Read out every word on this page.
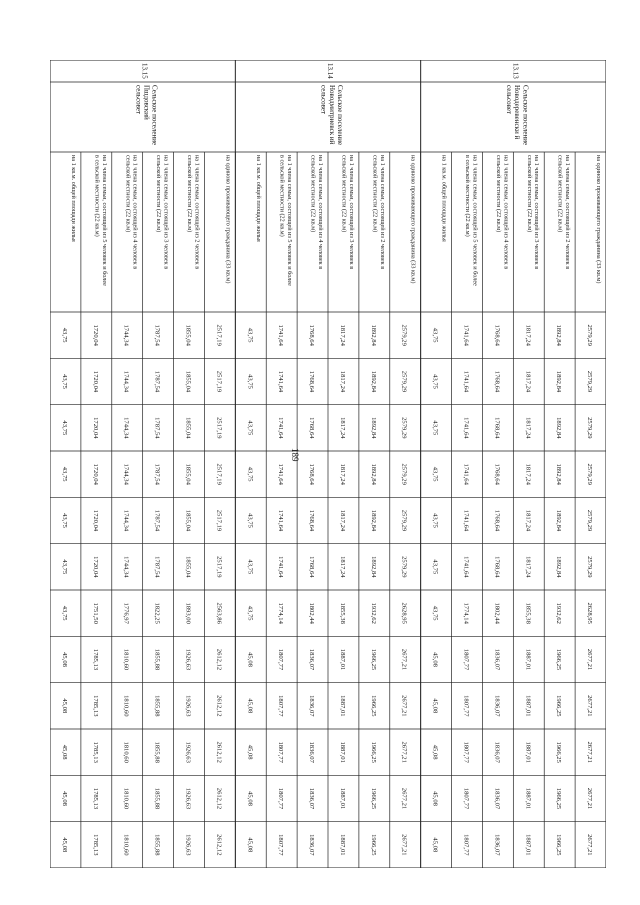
189
13.13
Сельское поселение
Новодеревенски й
сельсовет
на одиноко проживающего гражданина (33 кв.м)
2579,29
2579,29
2579,29
2579,29
2579,29
2579,29
2628,95
2677,21
2677,21
2677,21
2677,21
2677,21
на 1 члена семьи, состоящей из 2 человек в
сельской местности (22 кв.м)
1892,84
1892,84
1892,84
1892,84
1892,84
1892,84
1932,62
1966,25
1966,25
1966,25
1966,25
1966,25
на 1 члена семьи, состоящей из 3 человек в
сельской местности (22 кв.м)
1817,24
1817,24
1817,24
1817,24
1817,24
1817,24
1855,38
1887,01
1887,01
1887,01
1887,01
1887,01
на 1 члена семьи, состоящей из 4 человек в
сельской местности (22 кв.м)
1768,64
1768,64
1768,64
1768,64
1768,64
1768,64
1802,44
1836,07
1836,07
1836,07
1836,07
1836,07
на 1 члена семьи, состоящей из 5 человек и более
в сельской местности (22 кв.м)
1741,64
1741,64
1741,64
1741,64
1741,64
1741,64
1774,14
1807,77
1807,77
1807,77
1807,77
1807,77
на 1 кв.м. общей площади жилья
43,75
43,75
43,75
43,75
43,75
43,75
43,75
45,08
45,08
45,08
45,08
45,08
13.14
Сельское поселение
Новодмитриевск ий
сельсовет
на одиноко проживающего гражданина (33 кв.м)
2579,29
2579,29
2579,29
2579,29
2579,29
2579,29
2628,95
2677,21
2677,21
2677,21
2677,21
2677,21
на 1 члена семьи, состоящей из 2 человек в
сельской местности (22 кв.м)
1892,84
1892,84
1892,84
1892,84
1892,84
1892,84
1932,62
1966,25
1966,25
1966,25
1966,25
1966,25
на 1 члена семьи, состоящей из 3 человек в
сельской местности (22 кв.м)
1817,24
1817,24
1817,24
1817,24
1817,24
1817,24
1855,38
1887,01
1887,01
1887,01
1887,01
1887,01
на 1 члена семьи, состоящей из 4 человек в
сельской местности (22 кв.м)
1768,64
1768,64
1768,64
1768,64
1768,64
1768,64
1802,44
1836,07
1836,07
1836,07
1836,07
1836,07
на 1 члена семьи, состоящей из 5 человек и более
в сельской местности (22 кв.м)
1741,64
1741,64
1741,64
1741,64
1741,64
1741,64
1774,14
1807,77
1807,77
1807,77
1807,77
1807,77
на 1 кв.м. общей площади жилья
43,75
43,75
43,75
43,75
43,75
43,75
43,75
45,08
45,08
45,08
45,08
45,08
13.15
Сельское поселение
Пшдовский
сельсовет
на одиноко проживающего гражданина (33 кв.м)
2517,19
2517,19
2517,19
2517,19
2517,19
2517,19
2563,86
2612,12
2612,12
2612,12
2612,12
2612,12
на 1 члена семьи, состоящей из 2 человек в
сельской местности (22 кв.м)
1855,04
1855,04
1855,04
1855,04
1855,04
1855,04
1893,00
1926,63
1926,63
1926,63
1926,63
1926,63
на 1 члена семьи, состоящей из 3 человек в
сельской местности (22 кв.м)
1787,54
1787,54
1787,54
1787,54
1787,54
1787,54
1822,25
1855,88
1855,88
1855,88
1855,88
1855,88
на 1 члена семьи, состоящей из 4 человек в
сельской местности (22 кв.м)
1744,34
1744,34
1744,34
1744,34
1744,34
1744,34
1776,97
1810,60
1810,60
1810,60
1810,60
1810,60
на 1 члена семьи, состоящей из 5 человек и более
в сельской местности (22 кв.м)
1720,04
1720,04
1720,04
1720,04
1720,04
1720,04
1751,50
1785,13
1785,13
1785,13
1785,13
1785,13
на 1 кв.м. общей площади жилья
43,75
43,75
43,75
43,75
43,75
43,75
43,75
45,08
45,08
45,08
45,08
45,08
